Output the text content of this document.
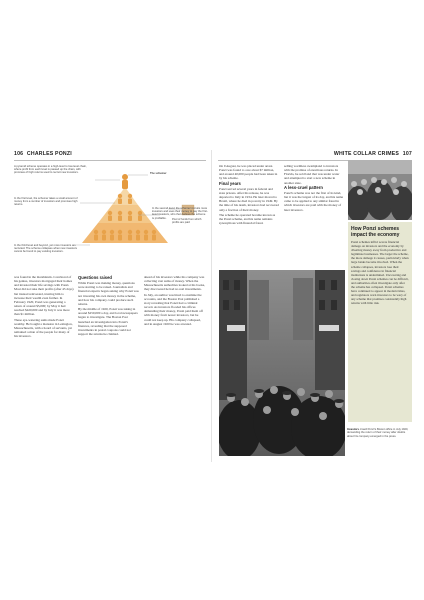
106 CHARLES PONZI	WHITE COLLAR CRIMES 107
The schemer
A pyramid scheme operates in a high-level to low-level chain, where profit from each level is passed up the chain, with promises of high returns used to recruit new investors.
In the first level, the schemer takes a small amount of money from a number of investors and promises high returns.
In the second level, the schemer recruits more investors and uses their money to pay the first-level investors, who then believe the scheme is profitable.	Pool of funds from which profits are paid
In the third level and beyond, yet more investors are recruited. The scheme collapses when new investors cannot be found to pay existing investors.

was found in the marshlands. Convinced of his genius, investors mortgaged their homes and invested their life savings with Ponzi. Most did not take their profits (after 45 days) but instead reinvested, trusting him to increase their wealth even further. In February 1920, Ponzi was generating a return of around $5,000; by May it had reached $420,000 and by July it was more than $1 million.

These eye-watering sums made Ponzi wealthy. He bought a mansion in Lexington, Massachusetts, with a hoard of servants, yet remained a man of the people for many of his investors.

Questions raised

While Ponzi was making money, questions were starting to be raised. Journalists and financial experts began asking why Ponzi was not investing his own money in the scheme, and how his company could produce such returns.

By the middle of 1920, Ponzi was taking in around $250,000 a day, and local newspapers began to investigate. The Boston Post launched an investigation into Ponzi's finances, revealing that the supposed investments in postal coupons could not support the returns he claimed.

ahead of his investors while his company was collecting vast sums of money. When the Massachusetts authorities looked at his books, they discovered he had no real investments.

In July, an auditor was hired to examine the accounts, and the Boston Post published a story revealing that Ponzi had a criminal record. As investors flooded his offices demanding their money, Ponzi paid them off with money from newer investors, but he could not keep up. His company collapsed, and in August 1920 he was arrested.

On 9 August, he was placed under arrest. Ponzi was found to owe about $7 million, and around 40,000 people had been taken in by his scheme.

Final years

Ponzi served several years in federal and state prisons. After his release, he was deported to Italy in 1934. He later moved to Brazil, where he died in poverty in 1949. By the time of his death, investors had recovered only a fraction of their money.

The scheme he operated became known as the Ponzi scheme, and his name remains synonymous with financial fraud.

selling worthless swampland to investors with the promise of enormous returns. In Florida, he sold land that was under water and attempted to start a new scheme in another state.

A less-cruel pattern

Ponzi's scheme was not the first of its kind, but it was the largest of its day, and his name came to be applied to any similar fraud in which investors are paid with the money of later investors.

Investors crowd Ponzi's Boston office in July 1920, demanding the return of their money after doubts about his company emerged in the press.
How Ponzi schemes impact the economy
Ponzi schemes inflict severe financial damage on investors and the economy by diverting money away from productive and legitimate businesses. The larger the scheme, the more damage it causes, particularly when large banks become involved. When the scheme collapses, investors lose their savings and confidence in financial institutions is undermined. Uncovering and closing down Ponzi schemes can be difficult, and authorities often investigate only after the scheme has collapsed. Ponzi schemes have continued to appear in modern times, and regulators warn investors to be wary of any scheme that promises consistently high returns with little risk.
